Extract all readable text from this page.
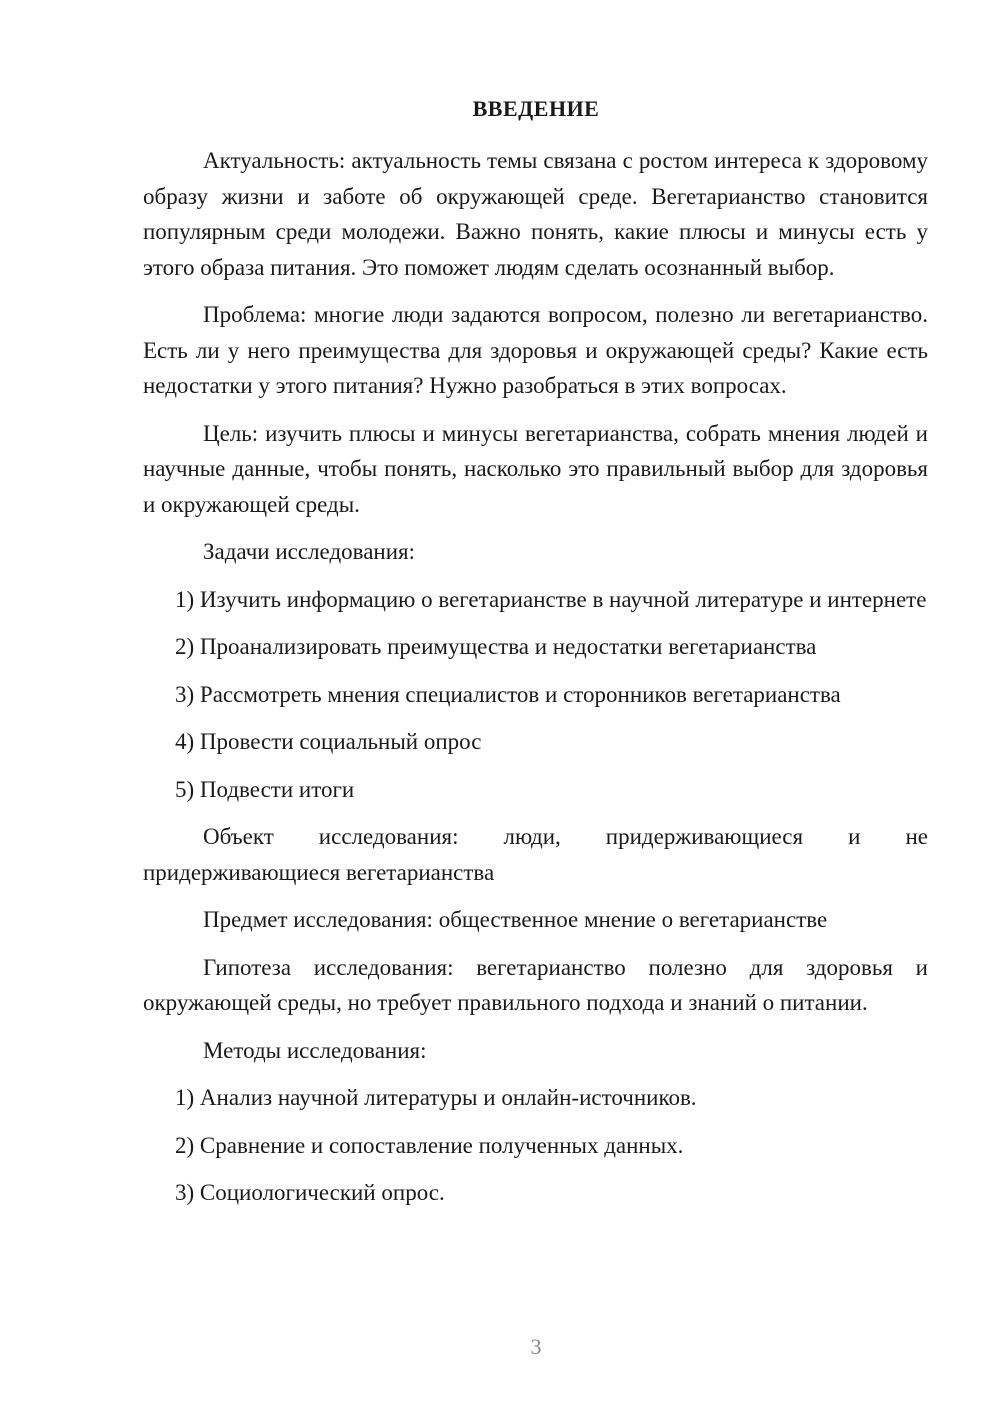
ВВЕДЕНИЕ

Актуальность: актуальность темы связана с ростом интереса к здоровому образу жизни и заботе об окружающей среде. Вегетарианство становится популярным среди молодежи. Важно понять, какие плюсы и минусы есть у этого образа питания. Это поможет людям сделать осознанный выбор.

Проблема: многие люди задаются вопросом, полезно ли вегетарианство. Есть ли у него преимущества для здоровья и окружающей среды? Какие есть недостатки у этого питания? Нужно разобраться в этих вопросах.

Цель: изучить плюсы и минусы вегетарианства, собрать мнения людей и научные данные, чтобы понять, насколько это правильный выбор для здоровья и окружающей среды.

Задачи исследования:

1) Изучить информацию о вегетарианстве в научной литературе и интернете

2) Проанализировать преимущества и недостатки вегетарианства

3) Рассмотреть мнения специалистов и сторонников вегетарианства

4) Провести социальный опрос

5) Подвести итоги

Объект исследования: люди, придерживающиеся и не придерживающиеся вегетарианства

Предмет исследования: общественное мнение о вегетарианстве

Гипотеза исследования: вегетарианство полезно для здоровья и окружающей среды, но требует правильного подхода и знаний о питании.

Методы исследования:

1) Анализ научной литературы и онлайн-источников.

2) Сравнение и сопоставление полученных данных.

3) Социологический опрос.

3
